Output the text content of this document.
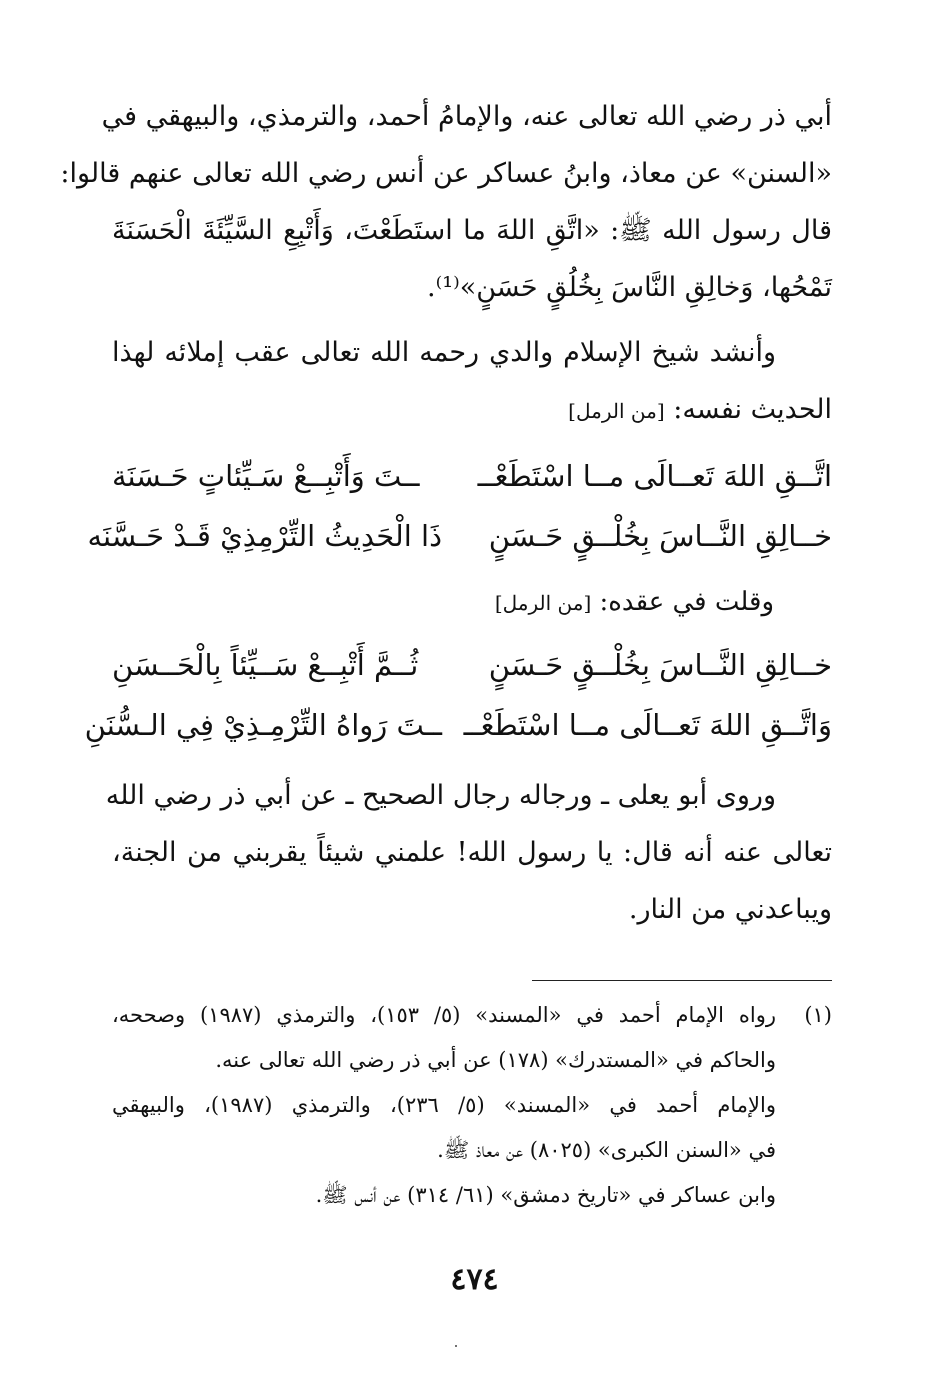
أبي ذر رضي الله تعالى عنه، والإمامُ أحمد، والترمذي، والبيهقي في
«السنن» عن معاذ، وابنُ عساكر عن أنس رضي الله تعالى عنهم قالوا:
قال رسول الله ﷺ: «اتَّقِ اللهَ ما استَطَعْتَ، وَأَتْبِعِ السَّيِّئَةَ الْحَسَنَةَ
تَمْحُها، وَخالِقِ النَّاسَ بِخُلُقٍ حَسَنٍ»⁽¹⁾.
وأنشد شيخ الإسلام والدي رحمه الله تعالى عقب إملائه لهذا
الحديث نفسه: [من الرمل]
اتَّــقِ اللهَ تَعــالَى مــا اسْتَطَعْــ
ــتَ وَأَتْبِــعْ سَـيِّئاتٍ حَـسَنَة
خــالِقِ النَّــاسَ بِخُلْــقٍ حَـسَنٍ
ذَا الْحَدِيثُ التِّرْمِذِيْ قَـدْ حَـسَّنَه
وقلت في عقده: [من الرمل]
خــالِقِ النَّــاسَ بِخُلْــقٍ حَـسَنٍ
ثُــمَّ أَتْبِــعْ سَــيِّئاً بِالْحَــسَنِ
وَاتَّــقِ اللهَ تَعــالَى مــا اسْتَطَعْــ
ــتَ رَواهُ التِّرْمِـذِيْ فِي الـسُّنَنِ
وروى أبو يعلى ـ ورجاله رجال الصحيح ـ عن أبي ذر رضي الله
تعالى عنه أنه قال: يا رسول الله! علمني شيئاً يقربني من الجنة،
ويباعدني من النار.
(١)
رواه الإمام أحمد في «المسند» (٥/ ١٥٣)، والترمذي (١٩٨٧) وصححه،
والحاكم في «المستدرك» (١٧٨) عن أبي ذر رضي الله تعالى عنه.
والإمام أحمد في «المسند» (٥/ ٢٣٦)، والترمذي (١٩٨٧)، والبيهقي
في «السنن الكبرى» (٨٠٢٥) عن معاذ ﷺ.
وابن عساكر في «تاريخ دمشق» (٦١/ ٣١٤) عن أنس ﷺ.
٤٧٤
